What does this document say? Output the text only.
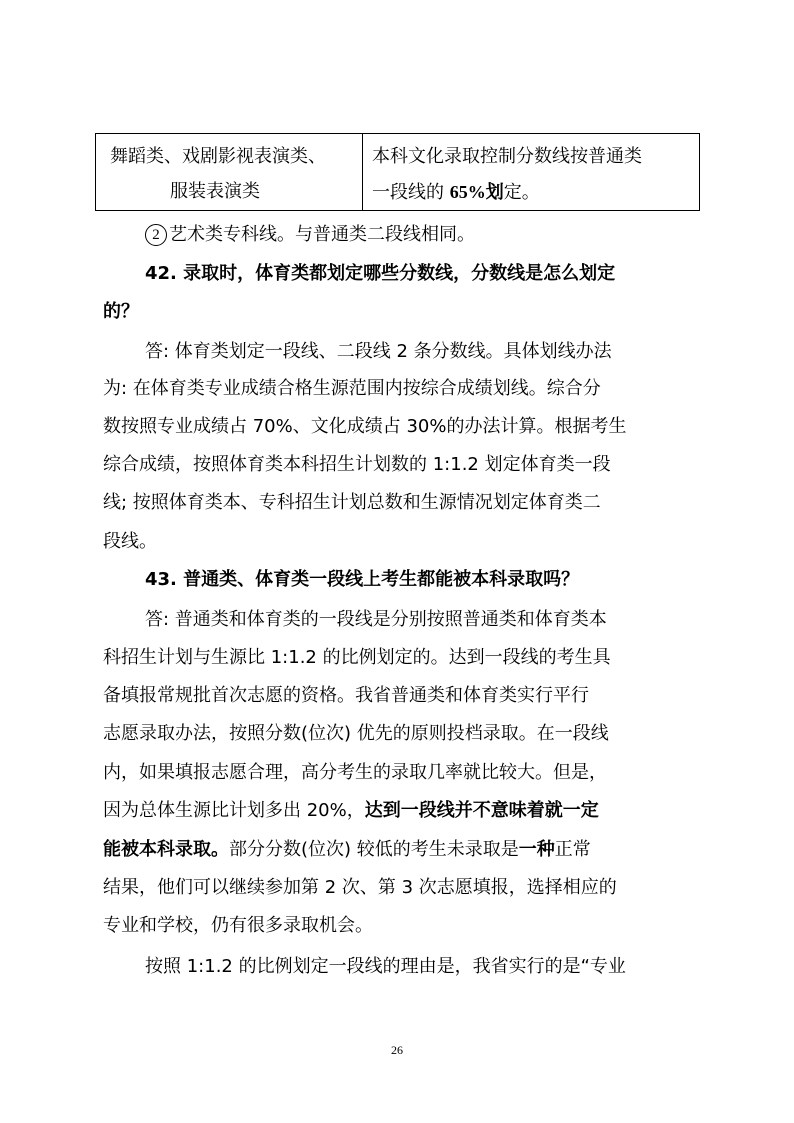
舞蹈类、戏剧影视表演类、
服装表演类
本科文化录取控制分数线按普通类
一段线的 65%划定。
2 艺术类专科线。与普通类二段线相同。
42. 录取时，体育类都划定哪些分数线，分数线是怎么划定
的？
答: 体育类划定一段线、二段线 2 条分数线。具体划线办法
为: 在体育类专业成绩合格生源范围内按综合成绩划线。综合分
数按照专业成绩占 70%、文化成绩占 30%的办法计算。根据考生
综合成绩，按照体育类本科招生计划数的 1:1.2 划定体育类一段
线; 按照体育类本、专科招生计划总数和生源情况划定体育类二
段线。
43. 普通类、体育类一段线上考生都能被本科录取吗？
答: 普通类和体育类的一段线是分别按照普通类和体育类本
科招生计划与生源比 1:1.2 的比例划定的。达到一段线的考生具
备填报常规批首次志愿的资格。我省普通类和体育类实行平行
志愿录取办法，按照分数(位次) 优先的原则投档录取。在一段线
内，如果填报志愿合理，高分考生的录取几率就比较大。但是，
因为总体生源比计划多出 20%，达到一段线并不意味着就一定
能被本科录取。部分分数(位次) 较低的考生未录取是一种正常
结果，他们可以继续参加第 2 次、第 3 次志愿填报，选择相应的
专业和学校，仍有很多录取机会。
按照 1:1.2 的比例划定一段线的理由是，我省实行的是“专业
26
